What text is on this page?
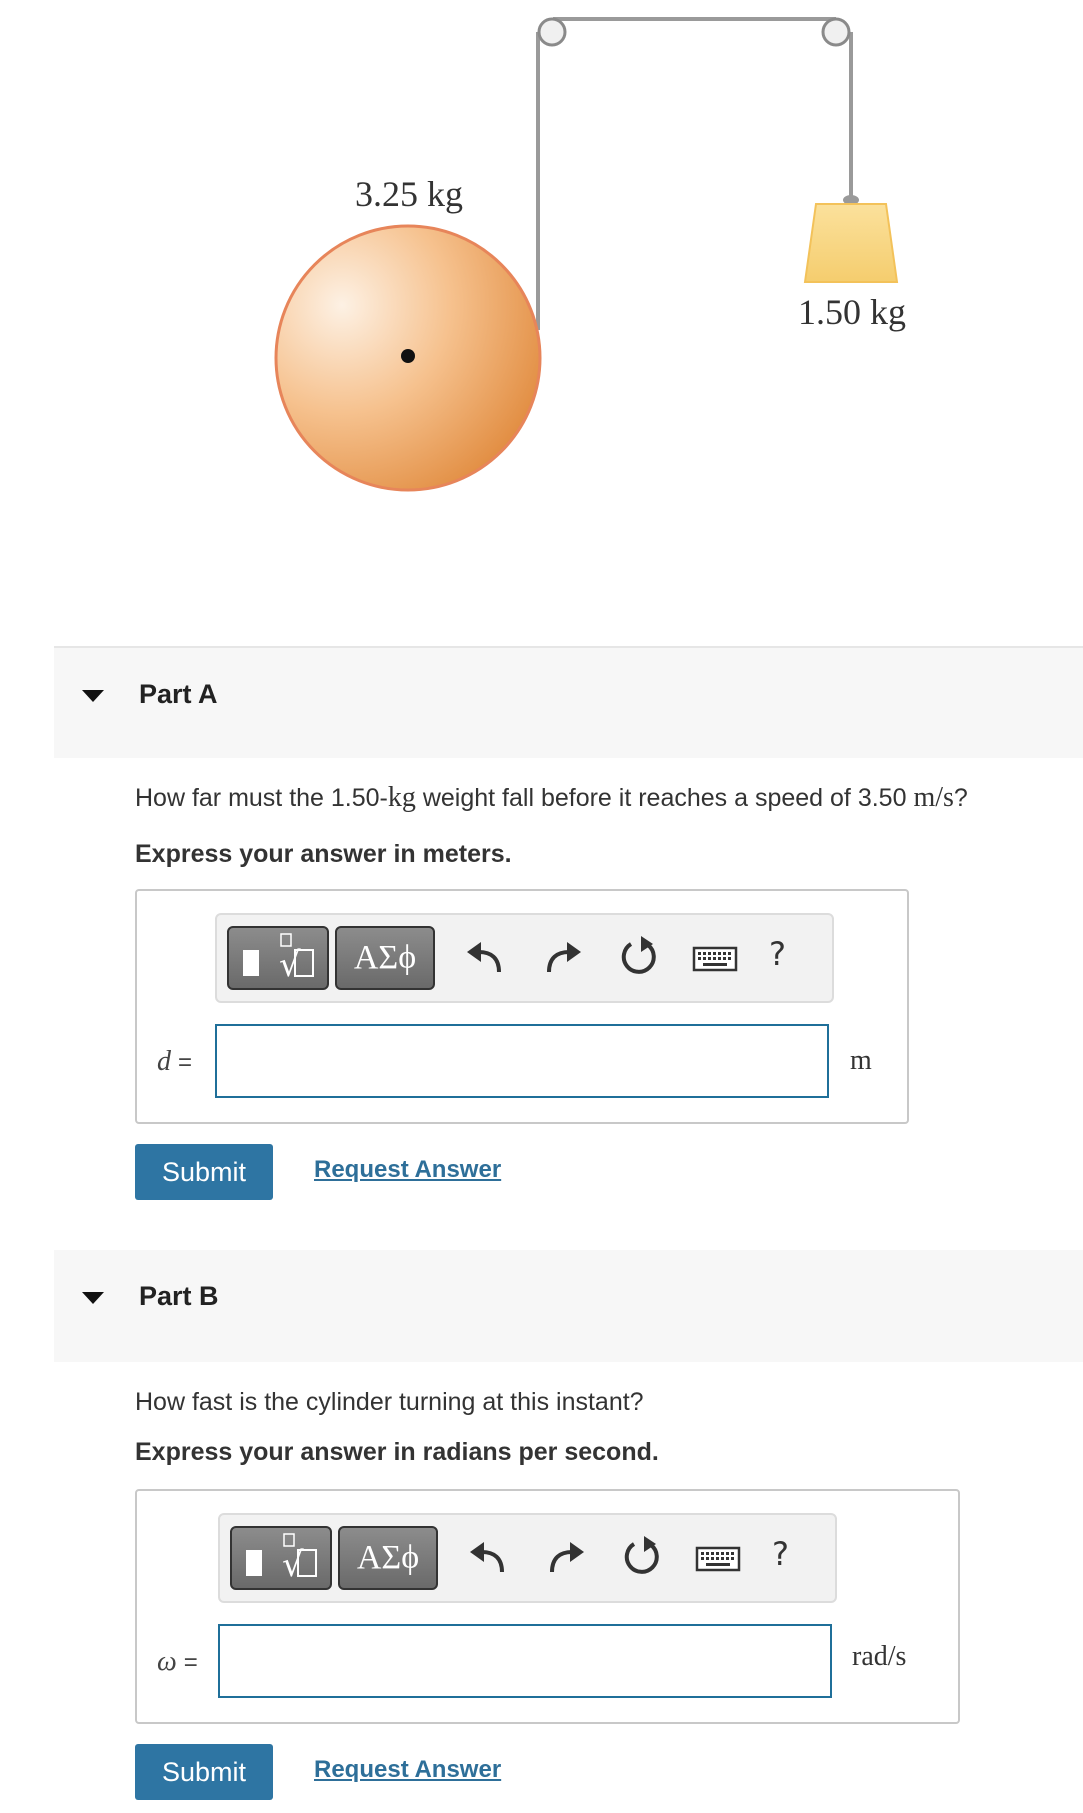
3.25 kg
1.50 kg
Part A
How far must the 1.50-kg weight fall before it reaches a speed of 3.50 m/s?
Express your answer in meters.
√	ΑΣϕ	?
d =	m
Submit	Request Answer
Part B
How fast is the cylinder turning at this instant?
Express your answer in radians per second.
√	ΑΣϕ	?
ω =	rad/s
Submit	Request Answer
